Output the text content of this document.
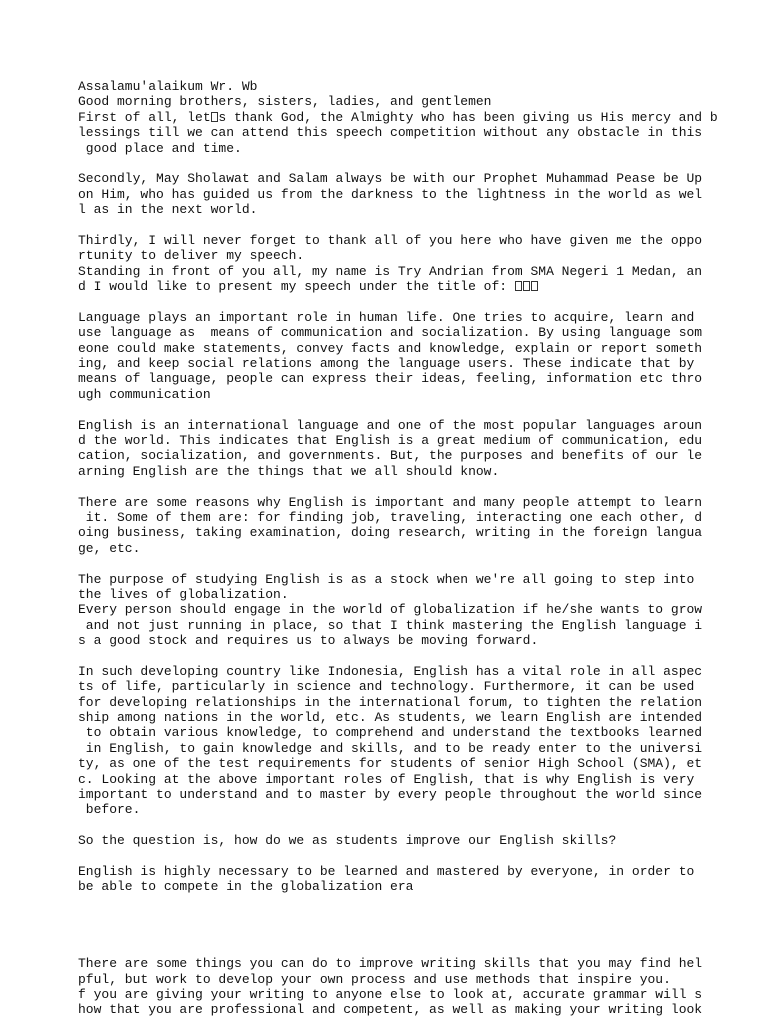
Assalamu'alaikum Wr. Wb
Good morning brothers, sisters, ladies, and gentlemen
First of all, let s thank God, the Almighty who has been giving us His mercy and b
lessings till we can attend this speech competition without any obstacle in this
good place and time.
Secondly, May Sholawat and Salam always be with our Prophet Muhammad Pease be Up
on Him, who has guided us from the darkness to the lightness in the world as wel
l as in the next world.
Thirdly, I will never forget to thank all of you here who have given me the oppo
rtunity to deliver my speech.
Standing in front of you all, my name is Try Andrian from SMA Negeri 1 Medan, an
d I would like to present my speech under the title of:
Language plays an important role in human life. One tries to acquire, learn and
use language as  means of communication and socialization. By using language som
eone could make statements, convey facts and knowledge, explain or report someth
ing, and keep social relations among the language users. These indicate that by
means of language, people can express their ideas, feeling, information etc thro
ugh communication
English is an international language and one of the most popular languages aroun
d the world. This indicates that English is a great medium of communication, edu
cation, socialization, and governments. But, the purposes and benefits of our le
arning English are the things that we all should know.
There are some reasons why English is important and many people attempt to learn
it. Some of them are: for finding job, traveling, interacting one each other, d
oing business, taking examination, doing research, writing in the foreign langua
ge, etc.
The purpose of studying English is as a stock when we're all going to step into
the lives of globalization.
Every person should engage in the world of globalization if he/she wants to grow
and not just running in place, so that I think mastering the English language i
s a good stock and requires us to always be moving forward.
In such developing country like Indonesia, English has a vital role in all aspec
ts of life, particularly in science and technology. Furthermore, it can be used
for developing relationships in the international forum, to tighten the relation
ship among nations in the world, etc. As students, we learn English are intended
to obtain various knowledge, to comprehend and understand the textbooks learned
in English, to gain knowledge and skills, and to be ready enter to the universi
ty, as one of the test requirements for students of senior High School (SMA), et
c. Looking at the above important roles of English, that is why English is very
important to understand and to master by every people throughout the world since
before.
So the question is, how do we as students improve our English skills?
English is highly necessary to be learned and mastered by everyone, in order to
be able to compete in the globalization era
There are some things you can do to improve writing skills that you may find hel
pful, but work to develop your own process and use methods that inspire you.
f you are giving your writing to anyone else to look at, accurate grammar will s
how that you are professional and competent, as well as making your writing look
